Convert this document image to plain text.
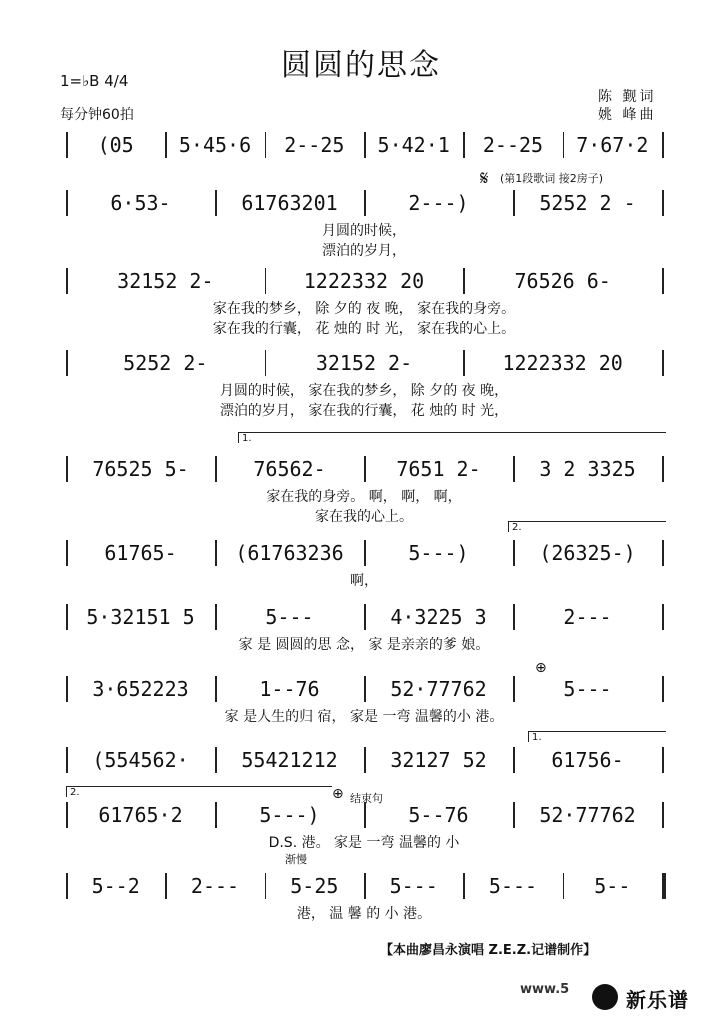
圆圆的思念
1=♭B 4/4
每分钟60拍
陈 觐词
姚 峰曲
(05	5·45·6	2--25	5·42·1	2--25	7·67·2
6·53-	61763201	2---)	5252 2 -
月圆的时候，
漂泊的岁月，
32152 2-	1222332 20	76526 6-
家在我的梦乡， 除 夕的 夜 晚， 家在我的身旁。
家在我的行囊， 花 烛的 时 光， 家在我的心上。
5252 2-	32152 2-	1222332 20
月圆的时候， 家在我的梦乡， 除 夕的 夜 晚，
漂泊的岁月， 家在我的行囊， 花 烛的 时 光，
76525 5-	76562-	7651 2-	3 2 3325
家在我的身旁。 啊， 啊， 啊，
家在我的心上。
61765-	(61763236	5---)	(26325-)
啊，
5·32151 5	5---	4·3225 3	2---
家 是 圆圆的思 念， 家 是亲亲的爹 娘。
3·652223	1--76	52·77762	5---
家 是人生的归 宿， 家是 一弯 温馨的小 港。
(554562·	55421212	32127 52	61756-
61765·2	5---)	5--76	52·77762
D.S. 港。 家是 一弯 温馨的 小
5--2	2---	5-25	5---	5---	5--
港， 温 馨 的 小 港。
𝄋 (第1段歌词 接2房子)
结束句
⊕
⊕
渐慢
【本曲廖昌永演唱 Z.E.Z.记谱制作】
www.5	新乐谱
1.
2.
1.
2.
